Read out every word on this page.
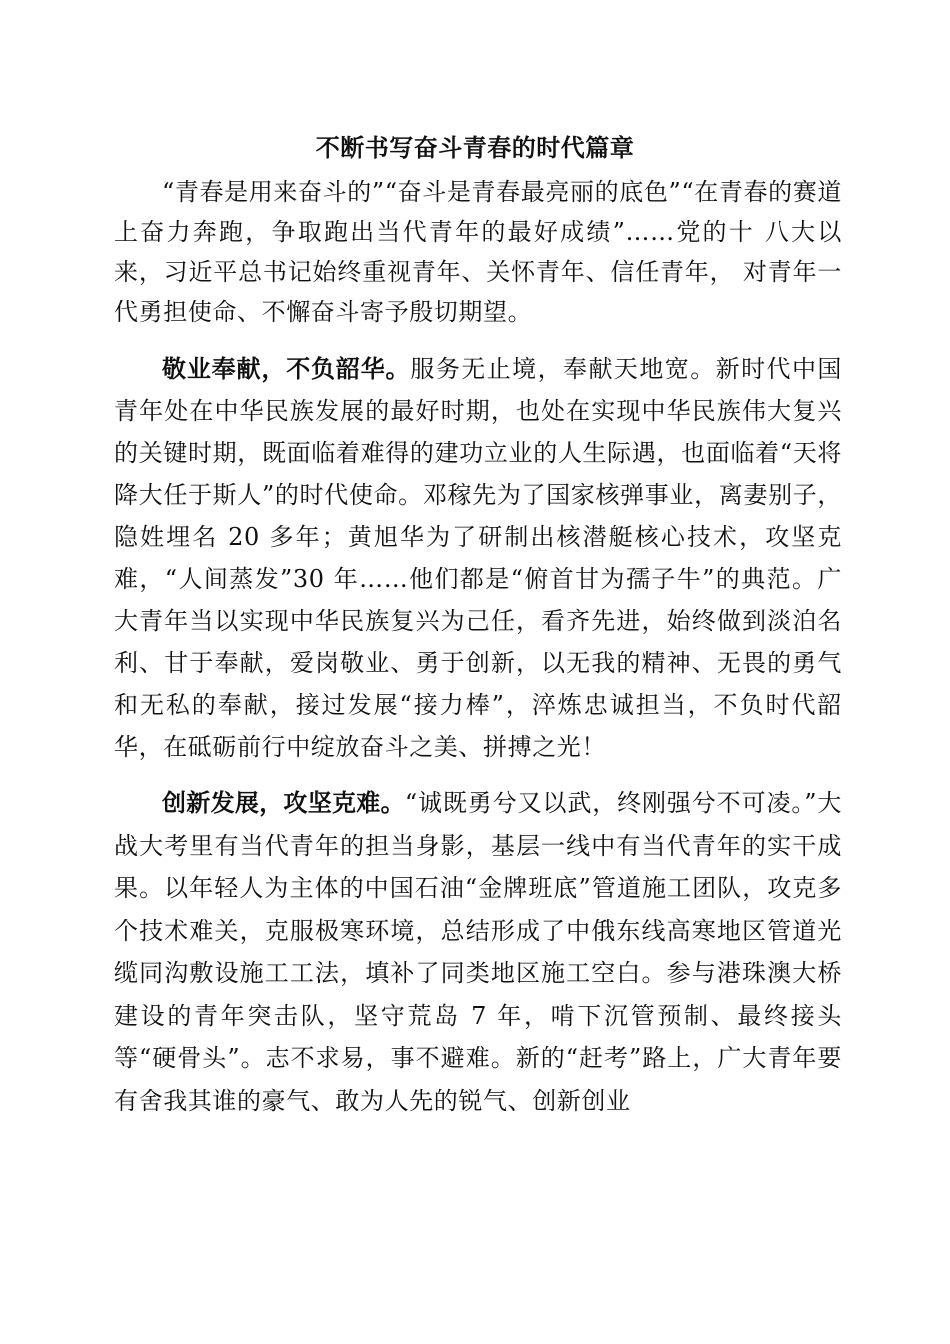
不断书写奋斗青春的时代篇章

“青春是用来奋斗的”“奋斗是青春最亮丽的底色”“在青春的赛道上奋力奔跑，争取跑出当代青年的最好成绩”……党的十 八大以来，习近平总书记始终重视青年、关怀青年、信任青年， 对青年一代勇担使命、不懈奋斗寄予殷切期望。

敬业奉献，不负韶华。服务无止境，奉献天地宽。新时代中国青年处在中华民族发展的最好时期，也处在实现中华民族伟大复兴的关键时期，既面临着难得的建功立业的人生际遇，也面临着“天将降大任于斯人”的时代使命。邓稼先为了国家核弹事业，离妻别子，隐姓埋名 20 多年；黄旭华为了研制出核潜艇核心技术，攻坚克难，“人间蒸发”30 年……他们都是“俯首甘为孺子牛”的典范。广大青年当以实现中华民族复兴为己任，看齐先进，始终做到淡泊名利、甘于奉献，爱岗敬业、勇于创新，以无我的精神、无畏的勇气和无私的奉献，接过发展“接力棒”，淬炼忠诚担当，不负时代韶华，在砥砺前行中绽放奋斗之美、拼搏之光！

创新发展，攻坚克难。“诚既勇兮又以武，终刚强兮不可凌。”大战大考里有当代青年的担当身影，基层一线中有当代青年的实干成果。以年轻人为主体的中国石油“金牌班底”管道施工团队，攻克多个技术难关，克服极寒环境，总结形成了中俄东线高寒地区管道光缆同沟敷设施工工法，填补了同类地区施工空白。参与港珠澳大桥建设的青年突击队，坚守荒岛 7 年，啃下沉管预制、最终接头等“硬骨头”。志不求易，事不避难。新的“赶考”路上，广大青年要有舍我其谁的豪气、敢为人先的锐气、创新创业
